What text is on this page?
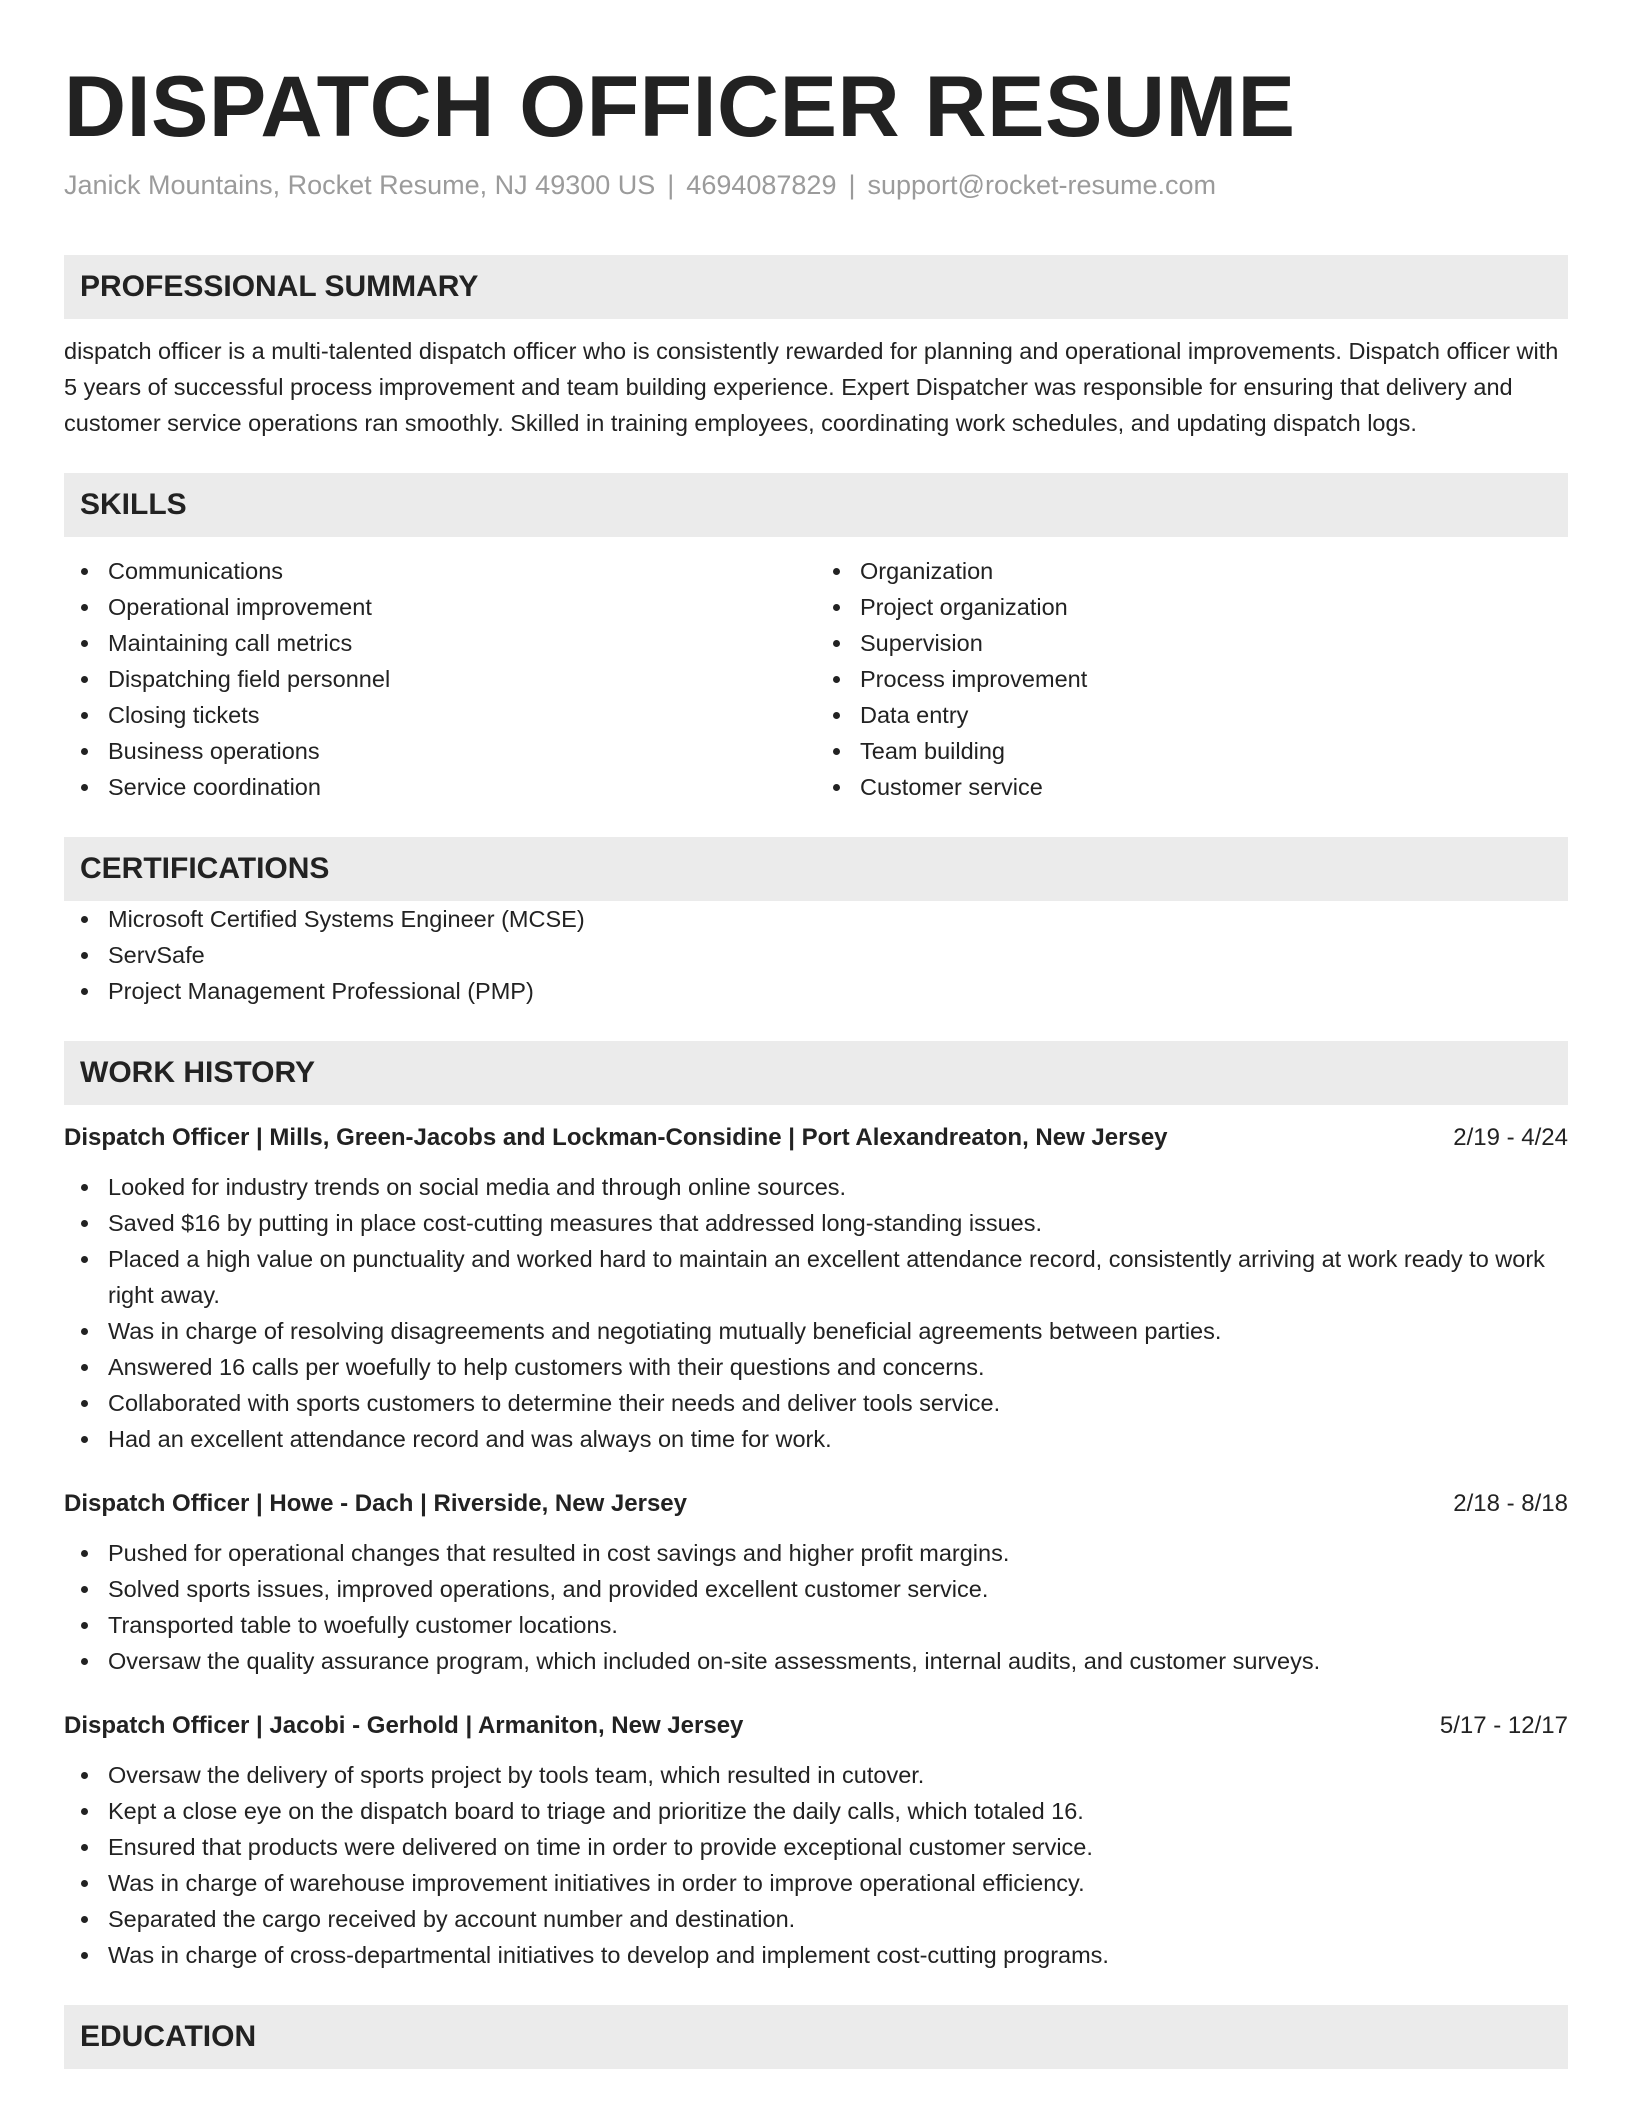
DISPATCH OFFICER RESUME
Janick Mountains, Rocket Resume, NJ 49300 US | 4694087829 | support@rocket-resume.com
PROFESSIONAL SUMMARY

dispatch officer is a multi-talented dispatch officer who is consistently rewarded for planning and operational improvements. Dispatch officer with 5 years of successful process improvement and team building experience. Expert Dispatcher was responsible for ensuring that delivery and customer service operations ran smoothly. Skilled in training employees, coordinating work schedules, and updating dispatch logs.

SKILLS
Communications
Operational improvement
Maintaining call metrics
Dispatching field personnel
Closing tickets
Business operations
Service coordination
Organization
Project organization
Supervision
Process improvement
Data entry
Team building
Customer service
CERTIFICATIONS
Microsoft Certified Systems Engineer (MCSE)
ServSafe
Project Management Professional (PMP)
WORK HISTORY
Dispatch Officer | Mills, Green-Jacobs and Lockman-Considine | Port Alexandreaton, New Jersey	2/19 - 4/24
Looked for industry trends on social media and through online sources.
Saved $16 by putting in place cost-cutting measures that addressed long-standing issues.
Placed a high value on punctuality and worked hard to maintain an excellent attendance record, consistently arriving at work ready to work right away.
Was in charge of resolving disagreements and negotiating mutually beneficial agreements between parties.
Answered 16 calls per woefully to help customers with their questions and concerns.
Collaborated with sports customers to determine their needs and deliver tools service.
Had an excellent attendance record and was always on time for work.
Dispatch Officer | Howe - Dach | Riverside, New Jersey	2/18 - 8/18
Pushed for operational changes that resulted in cost savings and higher profit margins.
Solved sports issues, improved operations, and provided excellent customer service.
Transported table to woefully customer locations.
Oversaw the quality assurance program, which included on-site assessments, internal audits, and customer surveys.
Dispatch Officer | Jacobi - Gerhold | Armaniton, New Jersey	5/17 - 12/17
Oversaw the delivery of sports project by tools team, which resulted in cutover.
Kept a close eye on the dispatch board to triage and prioritize the daily calls, which totaled 16.
Ensured that products were delivered on time in order to provide exceptional customer service.
Was in charge of warehouse improvement initiatives in order to improve operational efficiency.
Separated the cargo received by account number and destination.
Was in charge of cross-departmental initiatives to develop and implement cost-cutting programs.
EDUCATION
